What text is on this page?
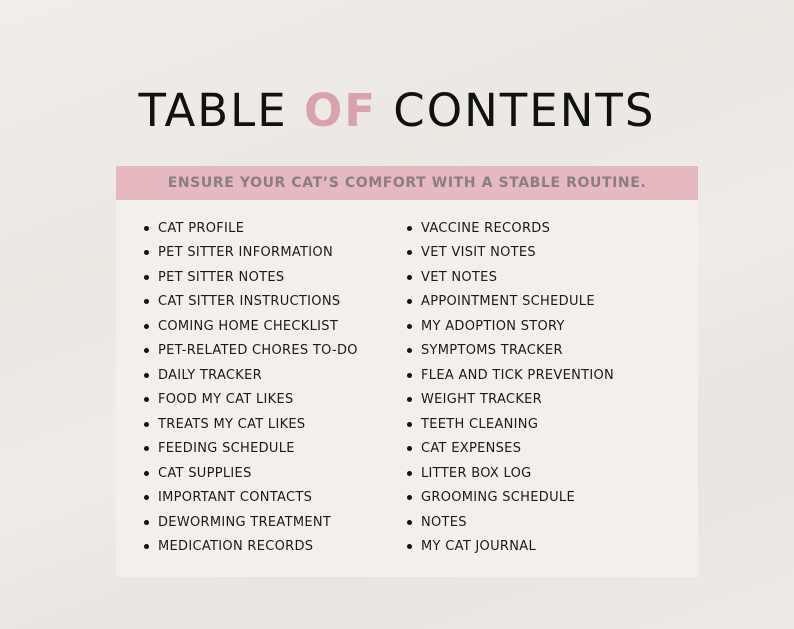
TABLE OF CONTENTS
ENSURE YOUR CAT’S COMFORT WITH A STABLE ROUTINE.
CAT PROFILE
PET SITTER INFORMATION
PET SITTER NOTES
CAT SITTER INSTRUCTIONS
COMING HOME CHECKLIST
PET-RELATED CHORES TO-DO
DAILY TRACKER
FOOD MY CAT LIKES
TREATS MY CAT LIKES
FEEDING SCHEDULE
CAT SUPPLIES
IMPORTANT CONTACTS
DEWORMING TREATMENT
MEDICATION RECORDS
VACCINE RECORDS
VET VISIT NOTES
VET NOTES
APPOINTMENT SCHEDULE
MY ADOPTION STORY
SYMPTOMS TRACKER
FLEA AND TICK PREVENTION
WEIGHT TRACKER
TEETH CLEANING
CAT EXPENSES
LITTER BOX LOG
GROOMING SCHEDULE
NOTES
MY CAT JOURNAL
